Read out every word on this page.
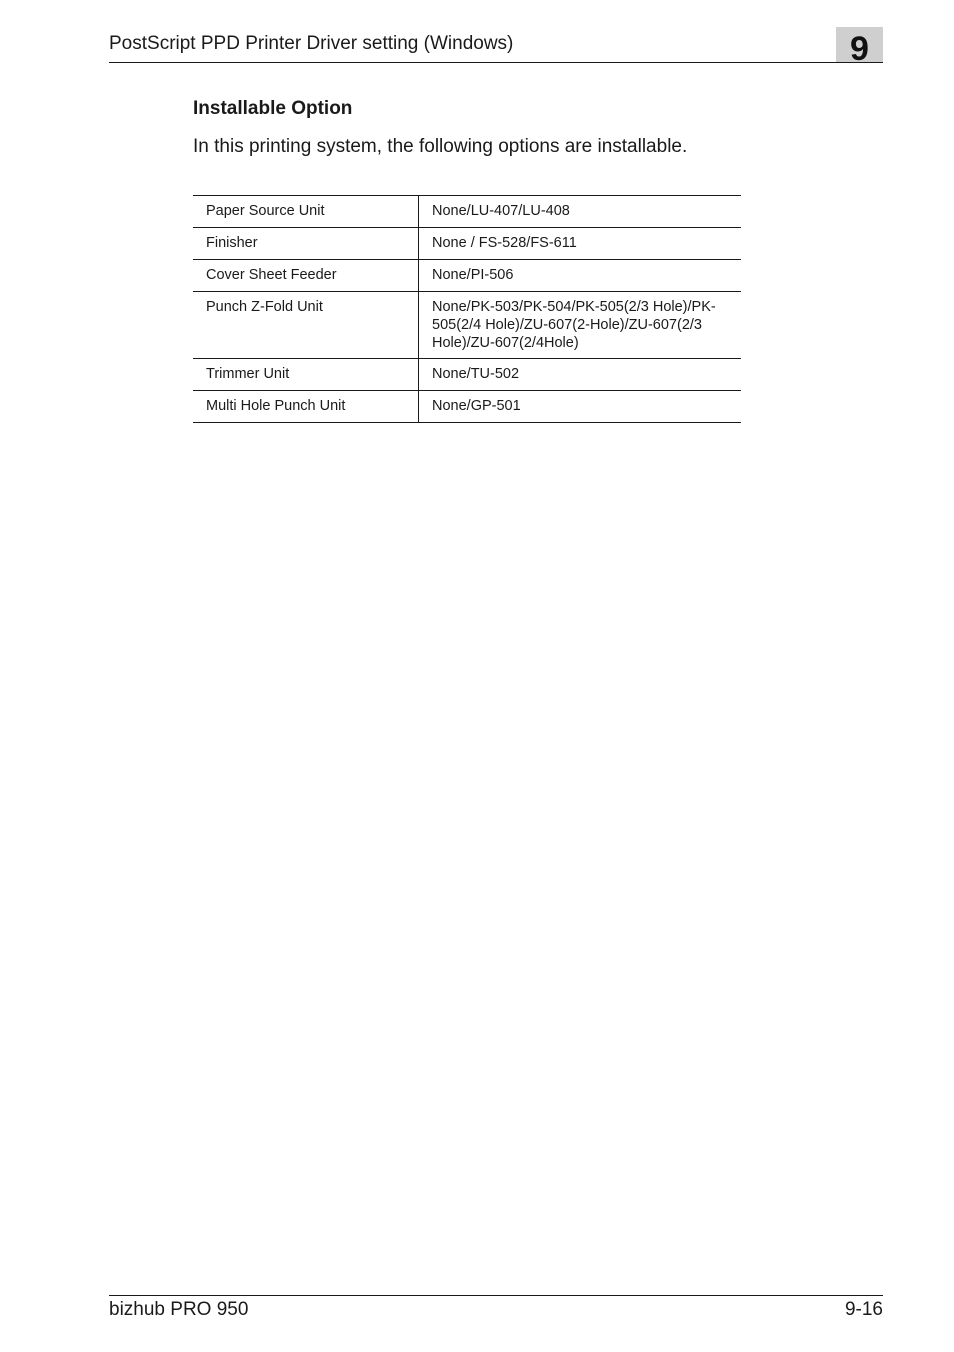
PostScript PPD Printer Driver setting (Windows)	9
Installable Option
In this printing system, the following options are installable.
Paper Source Unit	None/LU-407/LU-408
Finisher	None / FS-528/FS-611
Cover Sheet Feeder	None/PI-506
Punch Z-Fold Unit	None/PK-503/PK-504/PK-505(2/3 Hole)/PK-505(2/4 Hole)/ZU-607(2-Hole)/ZU-607(2/3 Hole)/ZU-607(2/4Hole)
Trimmer Unit	None/TU-502
Multi Hole Punch Unit	None/GP-501
bizhub PRO 950	9-16
